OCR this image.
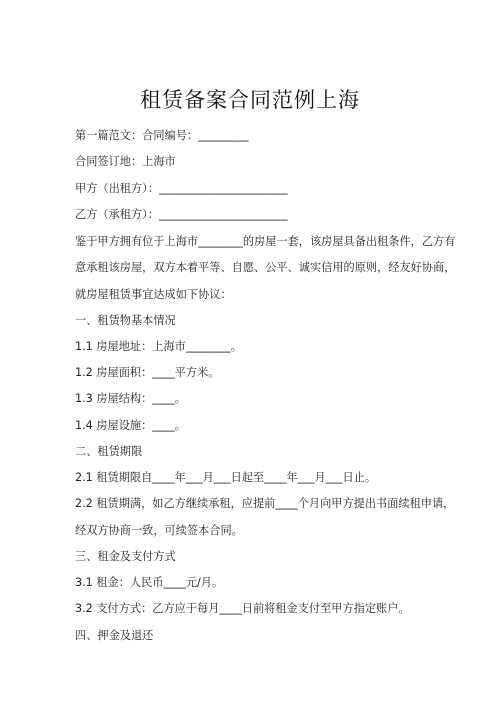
租赁备案合同范例上海
第一篇范文：合同编号：_________
合同签订地：上海市
甲方（出租方）：_______________________
乙方（承租方）：_______________________
鉴于甲方拥有位于上海市________的房屋一套，该房屋具备出租条件，乙方有
意承租该房屋，双方本着平等、自愿、公平、诚实信用的原则，经友好协商，
就房屋租赁事宜达成如下协议：
一、租赁物基本情况
1.1 房屋地址：上海市________。
1.2 房屋面积：____平方米。
1.3 房屋结构：____。
1.4 房屋设施：____。
二、租赁期限
2.1 租赁期限自____年___月___日起至____年___月___日止。
2.2 租赁期满，如乙方继续承租，应提前____个月向甲方提出书面续租申请，
经双方协商一致，可续签本合同。
三、租金及支付方式
3.1 租金：人民币____元/月。
3.2 支付方式：乙方应于每月____日前将租金支付至甲方指定账户。
四、押金及退还
